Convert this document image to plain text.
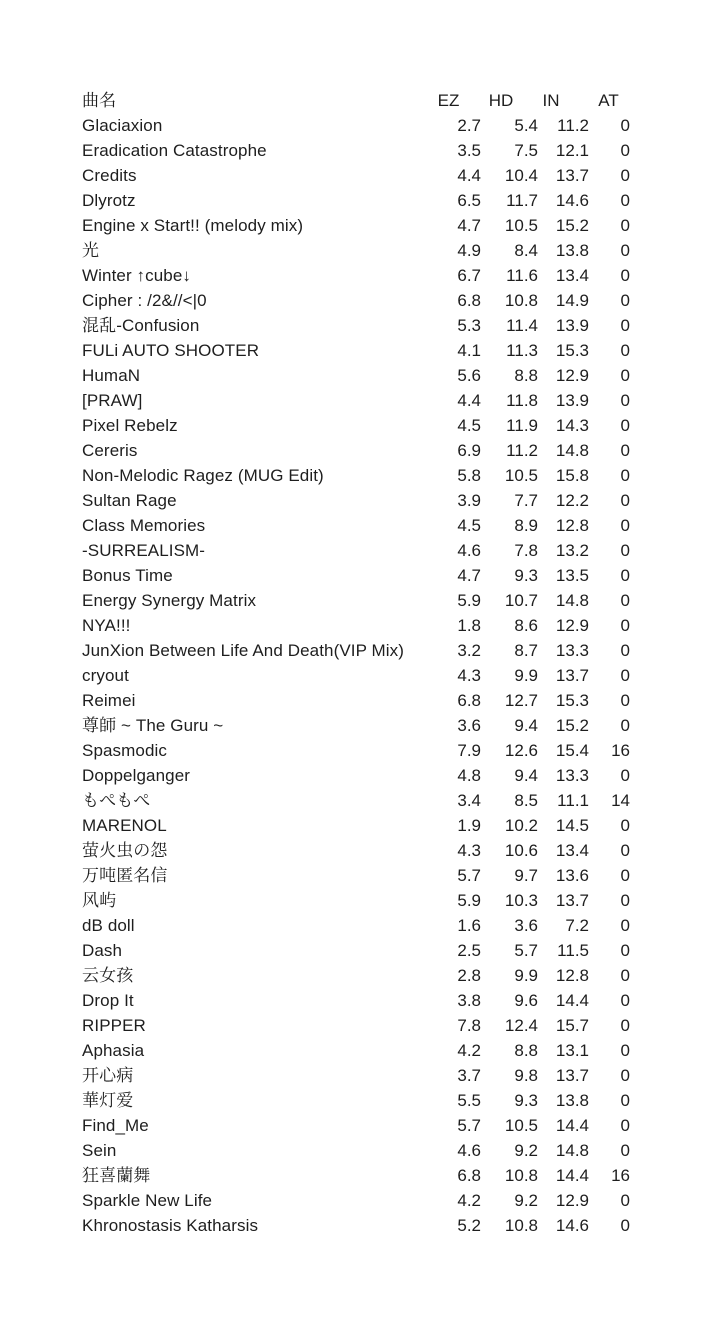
曲名	EZ	HD	IN	AT
Glaciaxion	2.7	5.4	11.2	0
Eradication Catastrophe	3.5	7.5	12.1	0
Credits	4.4	10.4	13.7	0
Dlyrotz	6.5	11.7	14.6	0
Engine x Start!! (melody mix)	4.7	10.5	15.2	0
光	4.9	8.4	13.8	0
Winter ↑cube↓	6.7	11.6	13.4	0
Cipher : /2&//<|0	6.8	10.8	14.9	0
混乱-Confusion	5.3	11.4	13.9	0
FULi AUTO SHOOTER	4.1	11.3	15.3	0
HumaN	5.6	8.8	12.9	0
[PRAW]	4.4	11.8	13.9	0
Pixel Rebelz	4.5	11.9	14.3	0
Cereris	6.9	11.2	14.8	0
Non-Melodic Ragez (MUG Edit)	5.8	10.5	15.8	0
Sultan Rage	3.9	7.7	12.2	0
Class Memories	4.5	8.9	12.8	0
-SURREALISM-	4.6	7.8	13.2	0
Bonus Time	4.7	9.3	13.5	0
Energy Synergy Matrix	5.9	10.7	14.8	0
NYA!!!	1.8	8.6	12.9	0
JunXion Between Life And Death(VIP Mix)	3.2	8.7	13.3	0
cryout	4.3	9.9	13.7	0
Reimei	6.8	12.7	15.3	0
尊師 ~ The Guru ~	3.6	9.4	15.2	0
Spasmodic	7.9	12.6	15.4	16
Doppelganger	4.8	9.4	13.3	0
もぺもぺ	3.4	8.5	11.1	14
MARENOL	1.9	10.2	14.5	0
萤火虫の怨	4.3	10.6	13.4	0
万吨匿名信	5.7	9.7	13.6	0
风屿	5.9	10.3	13.7	0
dB doll	1.6	3.6	7.2	0
Dash	2.5	5.7	11.5	0
云女孩	2.8	9.9	12.8	0
Drop It	3.8	9.6	14.4	0
RIPPER	7.8	12.4	15.7	0
Aphasia	4.2	8.8	13.1	0
开心病	3.7	9.8	13.7	0
華灯爱	5.5	9.3	13.8	0
Find_Me	5.7	10.5	14.4	0
Sein	4.6	9.2	14.8	0
狂喜蘭舞	6.8	10.8	14.4	16
Sparkle New Life	4.2	9.2	12.9	0
Khronostasis Katharsis	5.2	10.8	14.6	0
